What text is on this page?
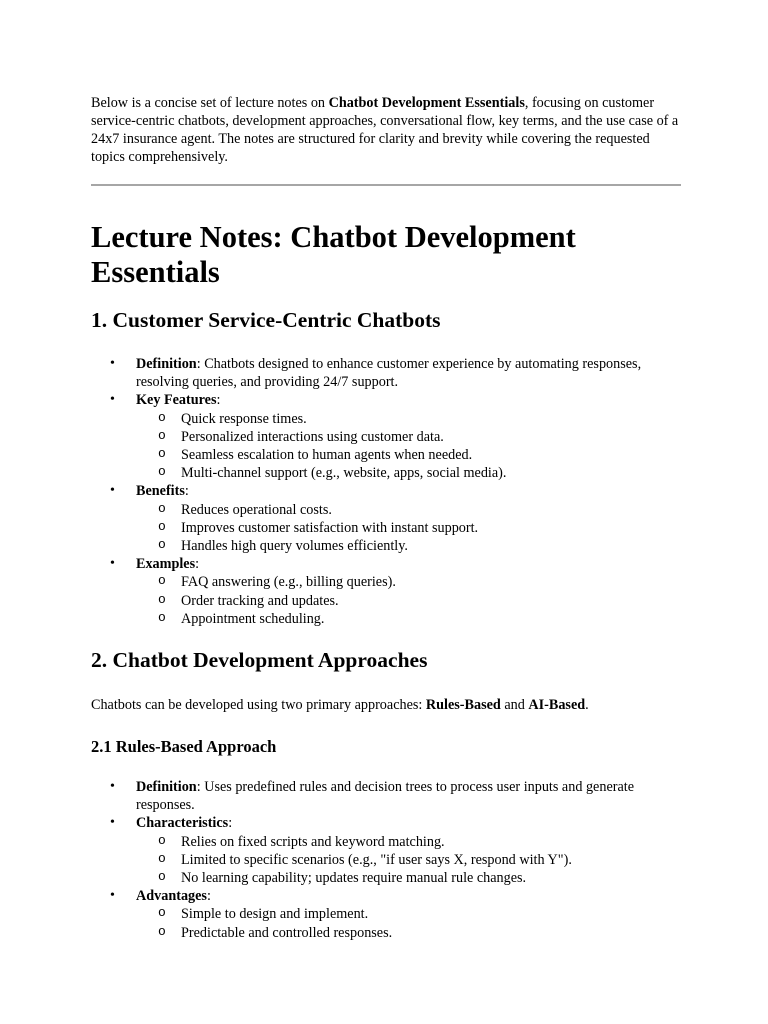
Below is a concise set of lecture notes on Chatbot Development Essentials, focusing on customer service-centric chatbots, development approaches, conversational flow, key terms, and the use case of a 24x7 insurance agent. The notes are structured for clarity and brevity while covering the requested topics comprehensively.

Lecture Notes: Chatbot Development Essentials
1. Customer Service-Centric Chatbots
• Definition: Chatbots designed to enhance customer experience by automating responses, resolving queries, and providing 24/7 support.
• Key Features:
o Quick response times.
o Personalized interactions using customer data.
o Seamless escalation to human agents when needed.
o Multi-channel support (e.g., website, apps, social media).
• Benefits:
o Reduces operational costs.
o Improves customer satisfaction with instant support.
o Handles high query volumes efficiently.
• Examples:
o FAQ answering (e.g., billing queries).
o Order tracking and updates.
o Appointment scheduling.
2. Chatbot Development Approaches

Chatbots can be developed using two primary approaches: Rules-Based and AI-Based.

2.1 Rules-Based Approach
• Definition: Uses predefined rules and decision trees to process user inputs and generate responses.
• Characteristics:
o Relies on fixed scripts and keyword matching.
o Limited to specific scenarios (e.g., "if user says X, respond with Y").
o No learning capability; updates require manual rule changes.
• Advantages:
o Simple to design and implement.
o Predictable and controlled responses.
